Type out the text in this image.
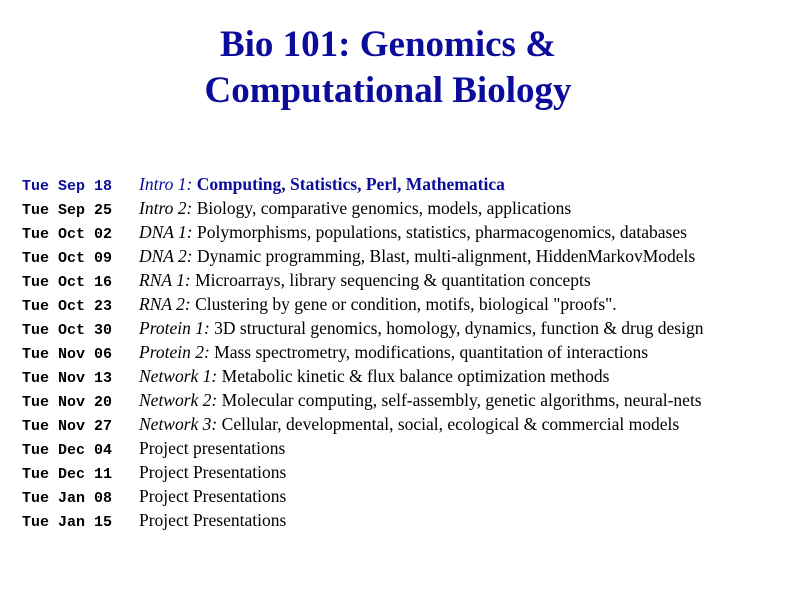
Bio 101: Genomics &
Computational Biology
Tue Sep 18 Intro 1: Computing, Statistics, Perl, Mathematica
Tue Sep 25 Intro 2: Biology, comparative genomics, models, applications
Tue Oct 02 DNA 1: Polymorphisms, populations, statistics, pharmacogenomics, databases
Tue Oct 09 DNA 2: Dynamic programming, Blast, multi-alignment, HiddenMarkovModels
Tue Oct 16 RNA 1: Microarrays, library sequencing & quantitation concepts
Tue Oct 23 RNA 2: Clustering by gene or condition, motifs, biological "proofs".
Tue Oct 30 Protein 1: 3D structural genomics, homology, dynamics, function & drug design
Tue Nov 06 Protein 2: Mass spectrometry, modifications, quantitation of interactions
Tue Nov 13 Network 1: Metabolic kinetic & flux balance optimization methods
Tue Nov 20 Network 2: Molecular computing, self-assembly, genetic algorithms, neural-nets
Tue Nov 27 Network 3: Cellular, developmental, social, ecological & commercial models
Tue Dec 04 Project presentations
Tue Dec 11 Project Presentations
Tue Jan 08 Project Presentations
Tue Jan 15 Project Presentations
